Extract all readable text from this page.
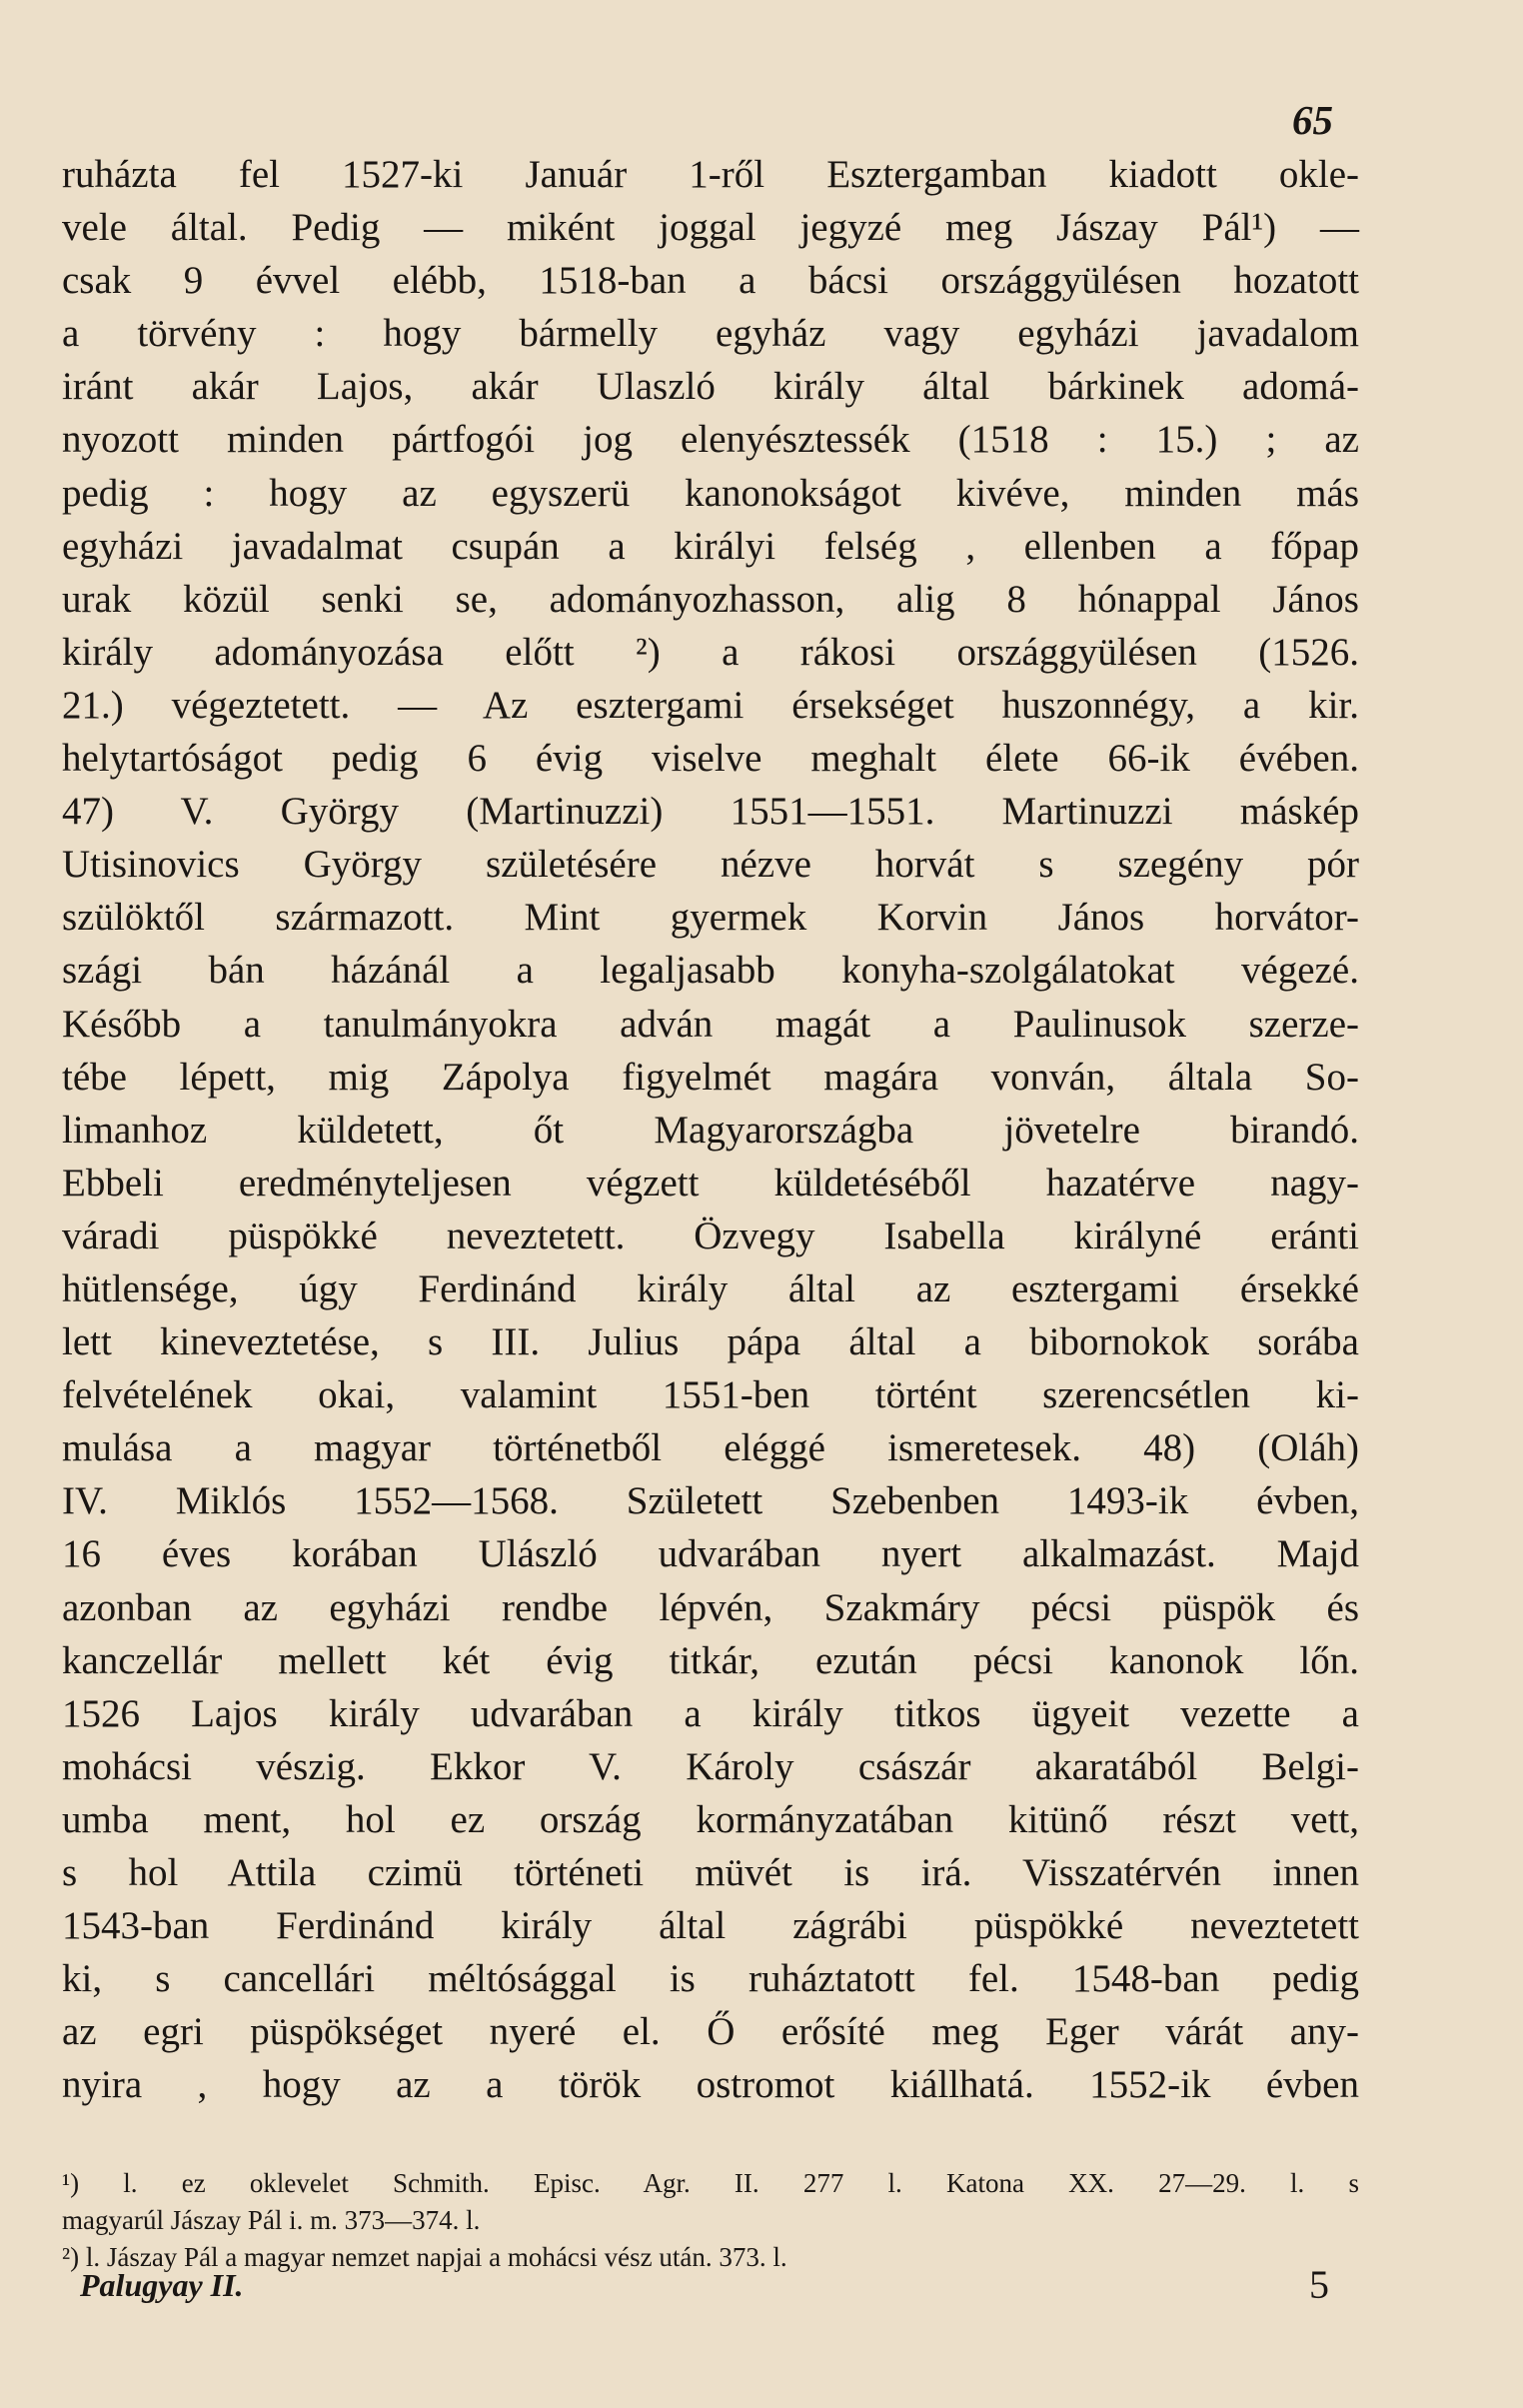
65
ruházta fel 1527-ki Január 1-ről Esztergamban kiadott okle-
vele által. Pedig — miként joggal jegyzé meg Jászay Pál¹) —
csak 9 évvel elébb, 1518-ban a bácsi országgyülésen hozatott
a törvény : hogy bármelly egyház vagy egyházi javadalom
iránt akár Lajos, akár Ulaszló király által bárkinek adomá-
nyozott minden pártfogói jog elenyésztessék (1518 : 15.) ; az
pedig : hogy az egyszerü kanonokságot kivéve, minden más
egyházi javadalmat csupán a királyi felség , ellenben a főpap
urak közül senki se, adományozhasson, alig 8 hónappal János
király adományozása előtt ²) a rákosi országgyülésen (1526.
21.) végeztetett. — Az esztergami érsekséget huszonnégy, a kir.
helytartóságot pedig 6 évig viselve meghalt élete 66-ik évében.
47) V. György (Martinuzzi) 1551—1551. Martinuzzi máskép
Utisinovics György születésére nézve horvát s szegény pór
szülöktől származott. Mint gyermek Korvin János horvátor-
szági bán házánál a legaljasabb konyha-szolgálatokat végezé.
Később a tanulmányokra adván magát a Paulinusok szerze-
tébe lépett, mig Zápolya figyelmét magára vonván, általa So-
limanhoz küldetett, őt Magyarországba jövetelre birandó.
Ebbeli eredményteljesen végzett küldetéséből hazatérve nagy-
váradi püspökké neveztetett. Özvegy Isabella királyné eránti
hütlensége, úgy Ferdinánd király által az esztergami érsekké
lett kineveztetése, s III. Julius pápa által a bibornokok sorába
felvételének okai, valamint 1551-ben történt szerencsétlen ki-
mulása a magyar történetből eléggé ismeretesek. 48) (Oláh)
IV. Miklós 1552—1568. Született Szebenben 1493-ik évben,
16 éves korában Ulászló udvarában nyert alkalmazást. Majd
azonban az egyházi rendbe lépvén, Szakmáry pécsi püspök és
kanczellár mellett két évig titkár, ezután pécsi kanonok lőn.
1526 Lajos király udvarában a király titkos ügyeit vezette a
mohácsi vészig. Ekkor V. Károly császár akaratából Belgi-
umba ment, hol ez ország kormányzatában kitünő részt vett,
s hol Attila czimü történeti müvét is irá. Visszatérvén innen
1543-ban Ferdinánd király által zágrábi püspökké neveztetett
ki, s cancellári méltósággal is ruháztatott fel. 1548-ban pedig
az egri püspökséget nyeré el. Ő erősíté meg Eger várát any-
nyira , hogy az a török ostromot kiállhatá. 1552-ik évben
¹) l. ez oklevelet Schmith. Episc. Agr. II. 277 l. Katona XX. 27—29. l. s
magyarúl Jászay Pál i. m. 373—374. l.
²) l. Jászay Pál a magyar nemzet napjai a mohácsi vész után. 373. l.
Palugyay II.	5
